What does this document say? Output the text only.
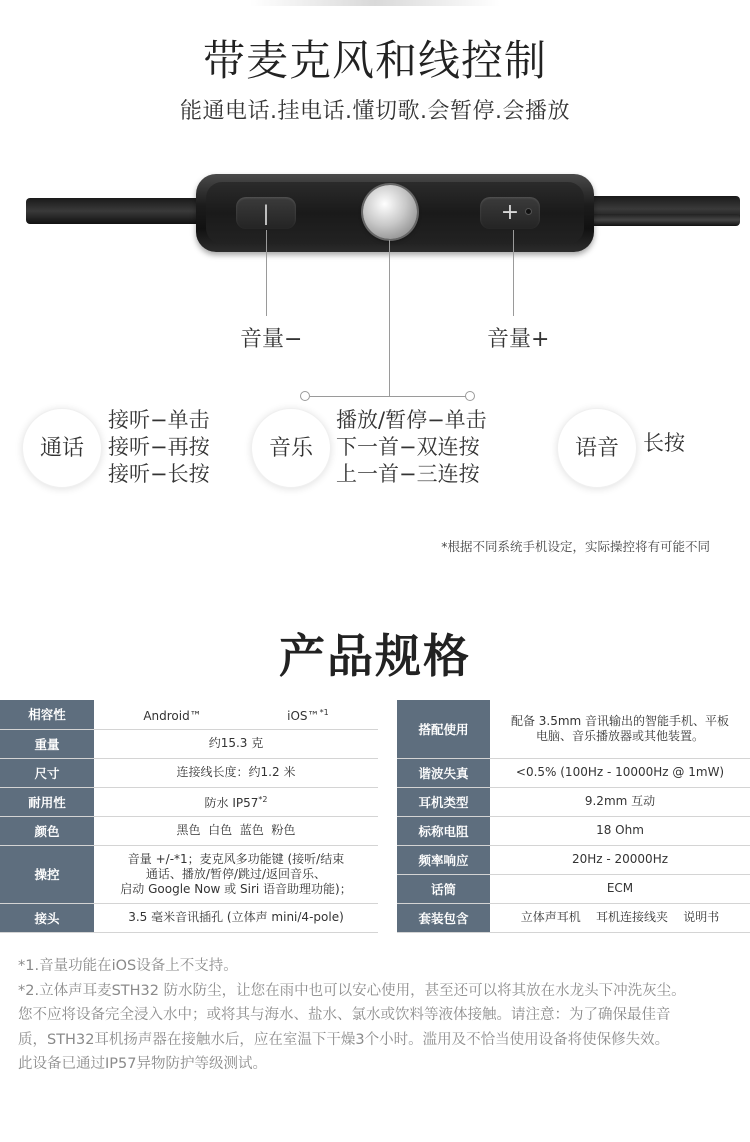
带麦克风和线控制
能通电话.挂电话.懂切歌.会暂停.会播放
|	+
音量−	音量+
通话
接听−单击
接听−再按
接听−长按
音乐
播放/暂停−单击
下一首−双连按
上一首−三连按
语音	长按
*根据不同系统手机设定，实际操控将有可能不同
产品规格
相容性	Android™ iOS™$^{*1}$
重量	约15.3 克
尺寸	连接线长度：约1.2 米
耐用性	防水 IP57$^{*2}$
颜色	黑色  白色  蓝色  粉色
操控	音量 +/-*1；麦克风多功能键 (接听/结束
通话、播放/暂停/跳过/返回音乐、
启动 Google Now 或 Siri 语音助理功能)；

接头	3.5 毫米音讯插孔 (立体声 mini/4-pole)
搭配使用	配备 3.5mm 音讯输出的智能手机、平板
电脑、音乐播放器或其他装置。

谐波失真	<0.5% (100Hz - 10000Hz @ 1mW)
耳机类型	9.2mm 互动
标称电阻	18 Ohm
频率响应	20Hz - 20000Hz
话筒	ECM
套装包含	立体声耳机    耳机连接线夹    说明书
*1.音量功能在iOS设备上不支持。
*2.立体声耳麦STH32 防水防尘，让您在雨中也可以安心使用，甚至还可以将其放在水龙头下冲洗灰尘。
您不应将设备完全浸入水中；或将其与海水、盐水、氯水或饮料等液体接触。请注意：为了确保最佳音
质，STH32耳机扬声器在接触水后，应在室温下干燥3个小时。滥用及不恰当使用设备将使保修失效。
此设备已通过IP57异物防护等级测试。
